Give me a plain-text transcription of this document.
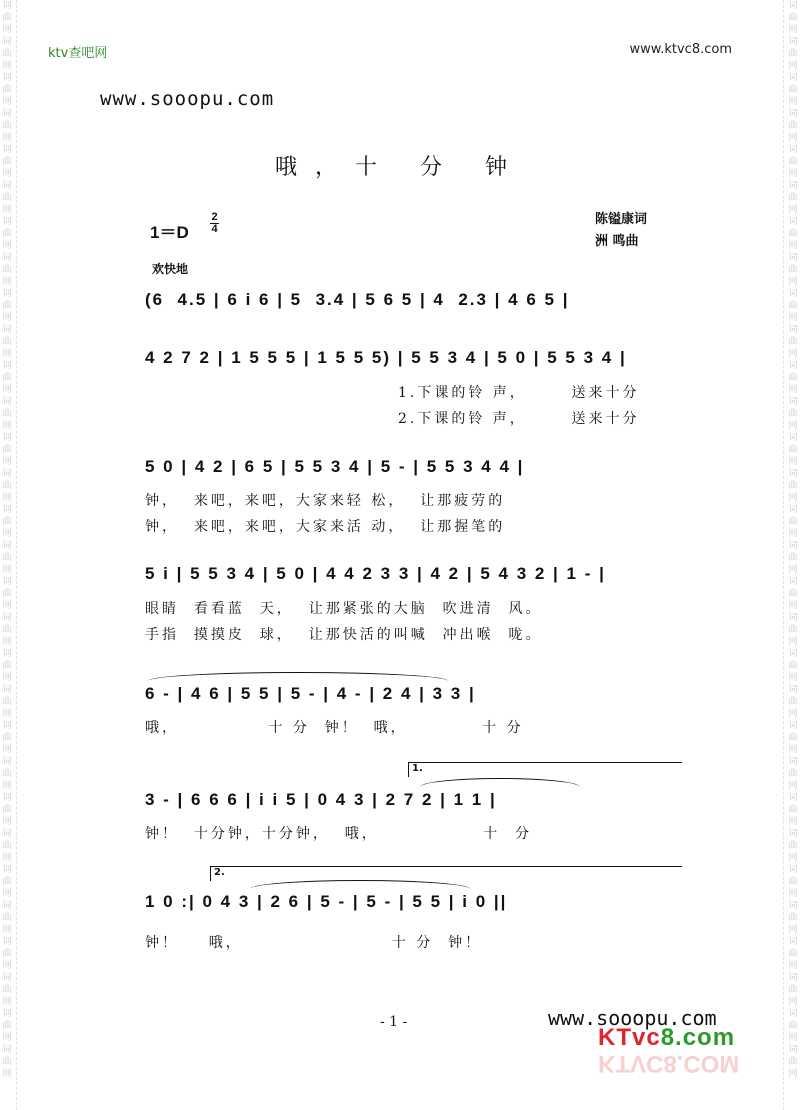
词曲网词曲网词曲网词曲网词曲网词曲网词曲网词曲网词曲网词曲网词曲网词曲网词曲网词曲网词曲网词曲网词曲网词曲网词曲网词曲网词曲网词曲网词曲网词曲网词曲网词曲网词曲网词曲网词曲网词曲网
词曲网词曲网词曲网词曲网词曲网词曲网词曲网词曲网词曲网词曲网词曲网词曲网词曲网词曲网词曲网词曲网词曲网词曲网词曲网词曲网词曲网词曲网词曲网词曲网词曲网词曲网词曲网词曲网词曲网词曲网
ktv查吧网	www.ktvc8.com
www.sooopu.com
哦，十 分 钟
1＝D
2
4
陈镒康词
洲 鸣曲
欢快地
(6  4.5 | 6 i 6 | 5  3.4 | 5 6 5 | 4  2.3 | 4 6 5 |
4 2 7 2 | 1 5 5 5 | 1 5 5 5) | 5 5 3 4 | 5 0 | 5 5 3 4 |
1.下课的铃 声，      送来十分
2.下课的铃 声，      送来十分
5 0 | 4 2 | 6 5 | 5 5 3 4 | 5 - | 5 5 3 4 4 |
钟，  来吧，来吧，大家来轻 松，  让那疲劳的
钟，  来吧，来吧，大家来活 动，  让那握笔的
5 i | 5 5 3 4 | 5 0 | 4 4 2 3 3 | 4 2 | 5 4 3 2 | 1 - |
眼睛  看看蓝  天，  让那紧张的大脑  吹进清  风。
手指  摸摸皮  球，  让那快活的叫喊  冲出喉  咙。
6 - | 4 6 | 5 5 | 5 - | 4 - | 2 4 | 3 3 |
哦，            十 分  钟！  哦，          十 分
1.
3 - | 6 6 6 | i i 5 | 0 4 3 | 2 7 2 | 1 1 |
钟！  十分钟，十分钟，  哦，              十  分
2.
1 0 :| 0 4 3 | 2 6 | 5 - | 5 - | 5 5 | i 0 ||
钟！    哦，                    十 分  钟！
- 1 -	www.sooopu.com
KTvc8.com
KTVC8.COM
